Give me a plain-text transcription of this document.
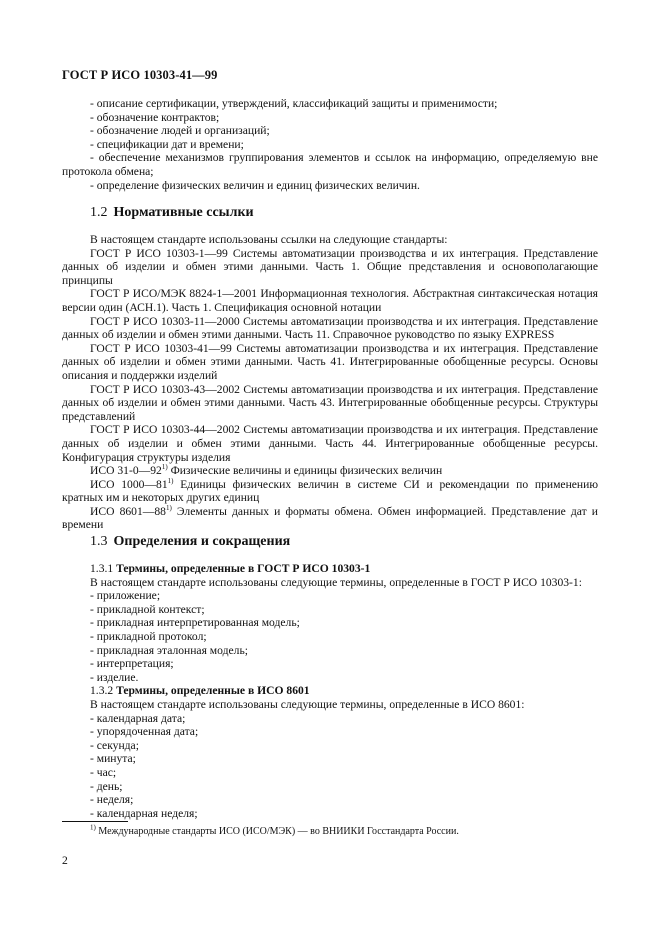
ГОСТ Р ИСО 10303-41—99

- описание сертификации, утверждений, классификаций защиты и применимости;

- обозначение контрактов;

- обозначение людей и организаций;

- спецификации дат и времени;

- обеспечение механизмов группирования элементов и ссылок на информацию, определяемую вне протокола обмена;

- определение физических величин и единиц физических величин.

1.2 Нормативные ссылки

В настоящем стандарте использованы ссылки на следующие стандарты:

ГОСТ Р ИСО 10303-1—99 Системы автоматизации производства и их интеграция. Представление данных об изделии и обмен этими данными. Часть 1. Общие представления и основополагающие принципы

ГОСТ Р ИСО/МЭК 8824-1—2001 Информационная технология. Абстрактная синтаксическая нотация версии один (АСН.1). Часть 1. Спецификация основной нотации

ГОСТ Р ИСО 10303-11—2000 Системы автоматизации производства и их интеграция. Представление данных об изделии и обмен этими данными. Часть 11. Справочное руководство по языку EXPRESS

ГОСТ Р ИСО 10303-41—99 Системы автоматизации производства и их интеграция. Представление данных об изделии и обмен этими данными. Часть 41. Интегрированные обобщенные ресурсы. Основы описания и поддержки изделий

ГОСТ Р ИСО 10303-43—2002 Системы автоматизации производства и их интеграция. Представление данных об изделии и обмен этими данными. Часть 43. Интегрированные обобщенные ресурсы. Структуры представлений

ГОСТ Р ИСО 10303-44—2002 Системы автоматизации производства и их интеграция. Представление данных об изделии и обмен этими данными. Часть 44. Интегрированные обобщенные ресурсы. Конфигурация структуры изделия

ИСО 31-0—92$^{1)}$ Физические величины и единицы физических величин

ИСО 1000—81$^{1)}$ Единицы физических величин в системе СИ и рекомендации по применению кратных им и некоторых других единиц

ИСО 8601—88$^{1)}$ Элементы данных и форматы обмена. Обмен информацией. Представление дат и времени

1.3 Определения и сокращения

1.3.1 Термины, определенные в ГОСТ Р ИСО 10303-1

В настоящем стандарте использованы следующие термины, определенные в ГОСТ Р ИСО 10303-1:

- приложение;

- прикладной контекст;

- прикладная интерпретированная модель;

- прикладной протокол;

- прикладная эталонная модель;

- интерпретация;

- изделие.

1.3.2 Термины, определенные в ИСО 8601

В настоящем стандарте использованы следующие термины, определенные в ИСО 8601:

- календарная дата;

- упорядоченная дата;

- секунда;

- минута;

- час;

- день;

- неделя;

- календарная неделя;

$^{1)}$ Международные стандарты ИСО (ИСО/МЭК) — во ВНИИКИ Госстандарта России.
2
